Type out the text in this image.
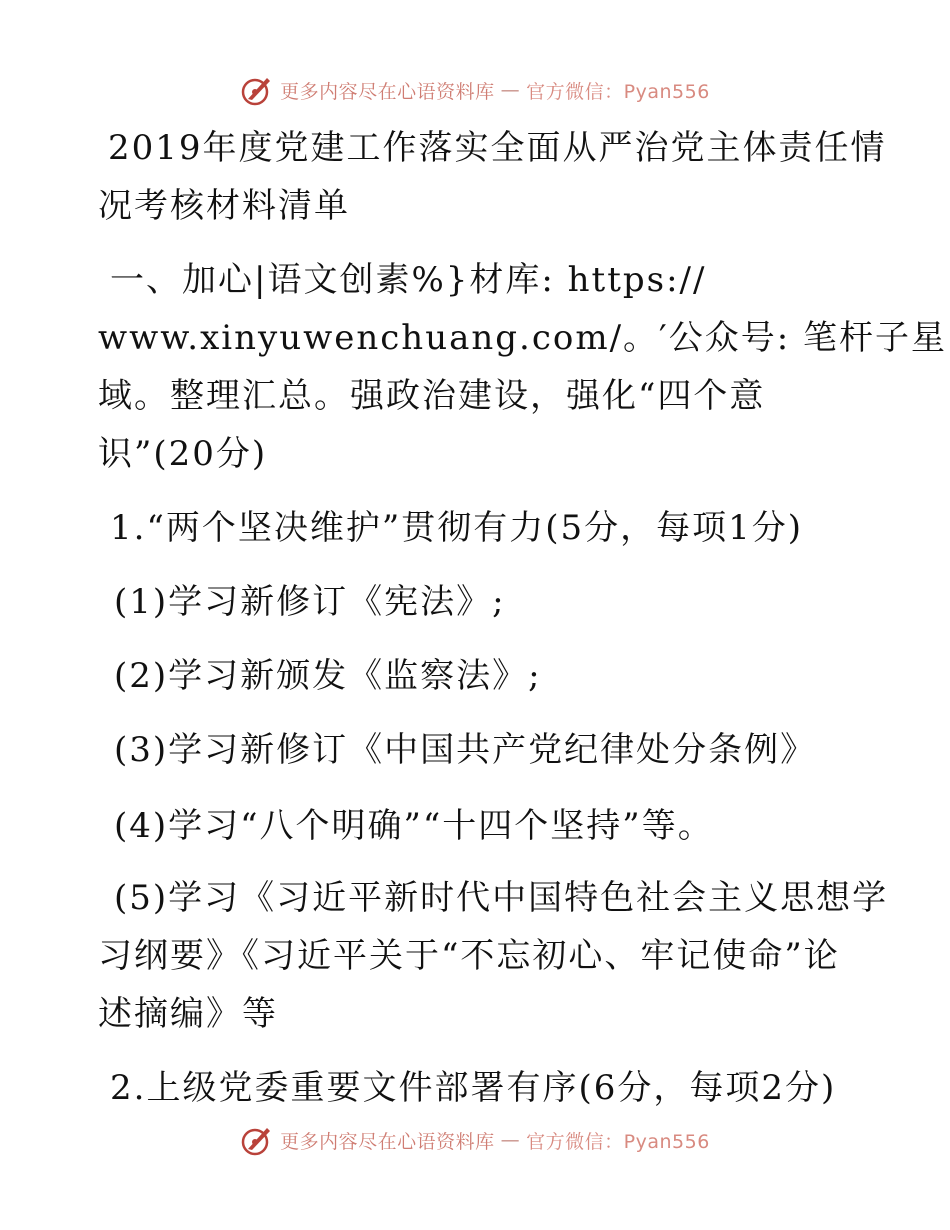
更多内容尽在心语资料库 — 官方微信：Pyan556
2019年度党建工作落实全面从严治党主体责任情
况考核材料清单
一、加心|语文创素%}材库: https://
www.xinyuwenchuang.com/。′公众号: 笔杆子星
域。整理汇总。强政治建设，强化“四个意
识”(20分)
1.“两个坚决维护”贯彻有力(5分，每项1分)
(1)学习新修订《宪法》;
(2)学习新颁发《监察法》;
(3)学习新修订《中国共产党纪律处分条例》
(4)学习“八个明确”“十四个坚持”等。
(5)学习《习近平新时代中国特色社会主义思想学
习纲要》《习近平关于“不忘初心、牢记使命”论
述摘编》等
2.上级党委重要文件部署有序(6分，每项2分)
更多内容尽在心语资料库 — 官方微信：Pyan556
